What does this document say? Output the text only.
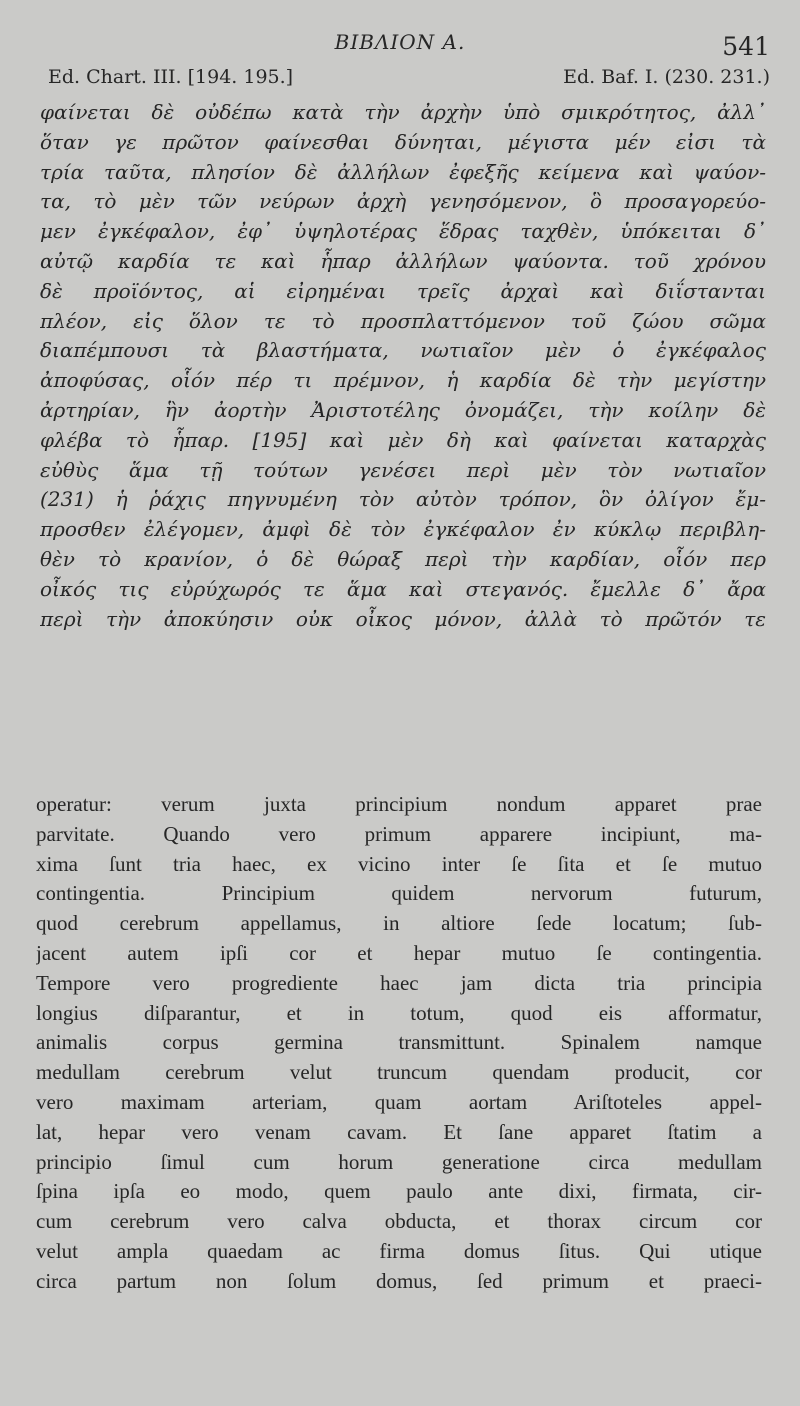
ΒΙΒΛΙΟΝ Α.	541
Ed. Chart. III. [194. 195.]	Ed. Baf. I. (230. 231.)
φαίνεται δὲ οὐδέπω κατὰ τὴν ἀρχὴν ὑπὸ σμικρότητος, ἀλλ᾽
ὅταν γε πρῶτον φαίνεσθαι δύνηται, μέγιστα μέν εἰσι τὰ
τρία ταῦτα, πλησίον δὲ ἀλλήλων ἐφεξῆς κείμενα καὶ ψαύον-
τα, τὸ μὲν τῶν νεύρων ἀρχὴ γενησόμενον, ὃ προσαγορεύο-
μεν ἐγκέφαλον, ἐφ᾽ ὑψηλοτέρας ἕδρας ταχθὲν, ὑπόκειται δ᾽
αὐτῷ καρδία τε καὶ ἧπαρ ἀλλήλων ψαύοντα. τοῦ χρόνου
δὲ προϊόντος, αἱ εἰρημέναι τρεῖς ἀρχαὶ καὶ διΐστανται
πλέον, εἰς ὅλον τε τὸ προσπλαττόμενον τοῦ ζώου σῶμα
διαπέμπουσι τὰ βλαστήματα, νωτιαῖον μὲν ὁ ἐγκέφαλος
ἀποφύσας, οἷόν πέρ τι πρέμνον, ἡ καρδία δὲ τὴν μεγίστην
ἀρτηρίαν, ἣν ἀορτὴν Ἀριστοτέλης ὀνομάζει, τὴν κοίλην δὲ
φλέβα τὸ ἧπαρ. [195] καὶ μὲν δὴ καὶ φαίνεται καταρχὰς
εὐθὺς ἅμα τῇ τούτων γενέσει περὶ μὲν τὸν νωτιαῖον
(231) ἡ ῥάχις πηγνυμένη τὸν αὐτὸν τρόπον, ὃν ὀλίγον ἔμ-
προσθεν ἐλέγομεν, ἀμφὶ δὲ τὸν ἐγκέφαλον ἐν κύκλῳ περιβλη-
θὲν τὸ κρανίον, ὁ δὲ θώραξ περὶ τὴν καρδίαν, οἷόν περ
οἶκός τις εὐρύχωρός τε ἅμα καὶ στεγανός. ἔμελλε δ᾽ ἄρα
περὶ τὴν ἀποκύησιν οὐκ οἶκος μόνον, ἀλλὰ τὸ πρῶτόν τε
operatur: verum juxta principium nondum apparet prae
parvitate. Quando vero primum apparere incipiunt, ma-
xima ſunt tria haec, ex vicino inter ſe ſita et ſe mutuo
contingentia. Principium quidem nervorum futurum,
quod cerebrum appellamus, in altiore ſede locatum; ſub-
jacent autem ipſi cor et hepar mutuo ſe contingentia.
Tempore vero progrediente haec jam dicta tria principia
longius diſparantur, et in totum, quod eis afformatur,
animalis corpus germina transmittunt. Spinalem namque
medullam cerebrum velut truncum quendam producit, cor
vero maximam arteriam, quam aortam Ariſtoteles appel-
lat, hepar vero venam cavam. Et ſane apparet ſtatim a
principio ſimul cum horum generatione circa medullam
ſpina ipſa eo modo, quem paulo ante dixi, firmata, cir-
cum cerebrum vero calva obducta, et thorax circum cor
velut ampla quaedam ac firma domus ſitus. Qui utique
circa partum non ſolum domus, ſed primum et praeci-
